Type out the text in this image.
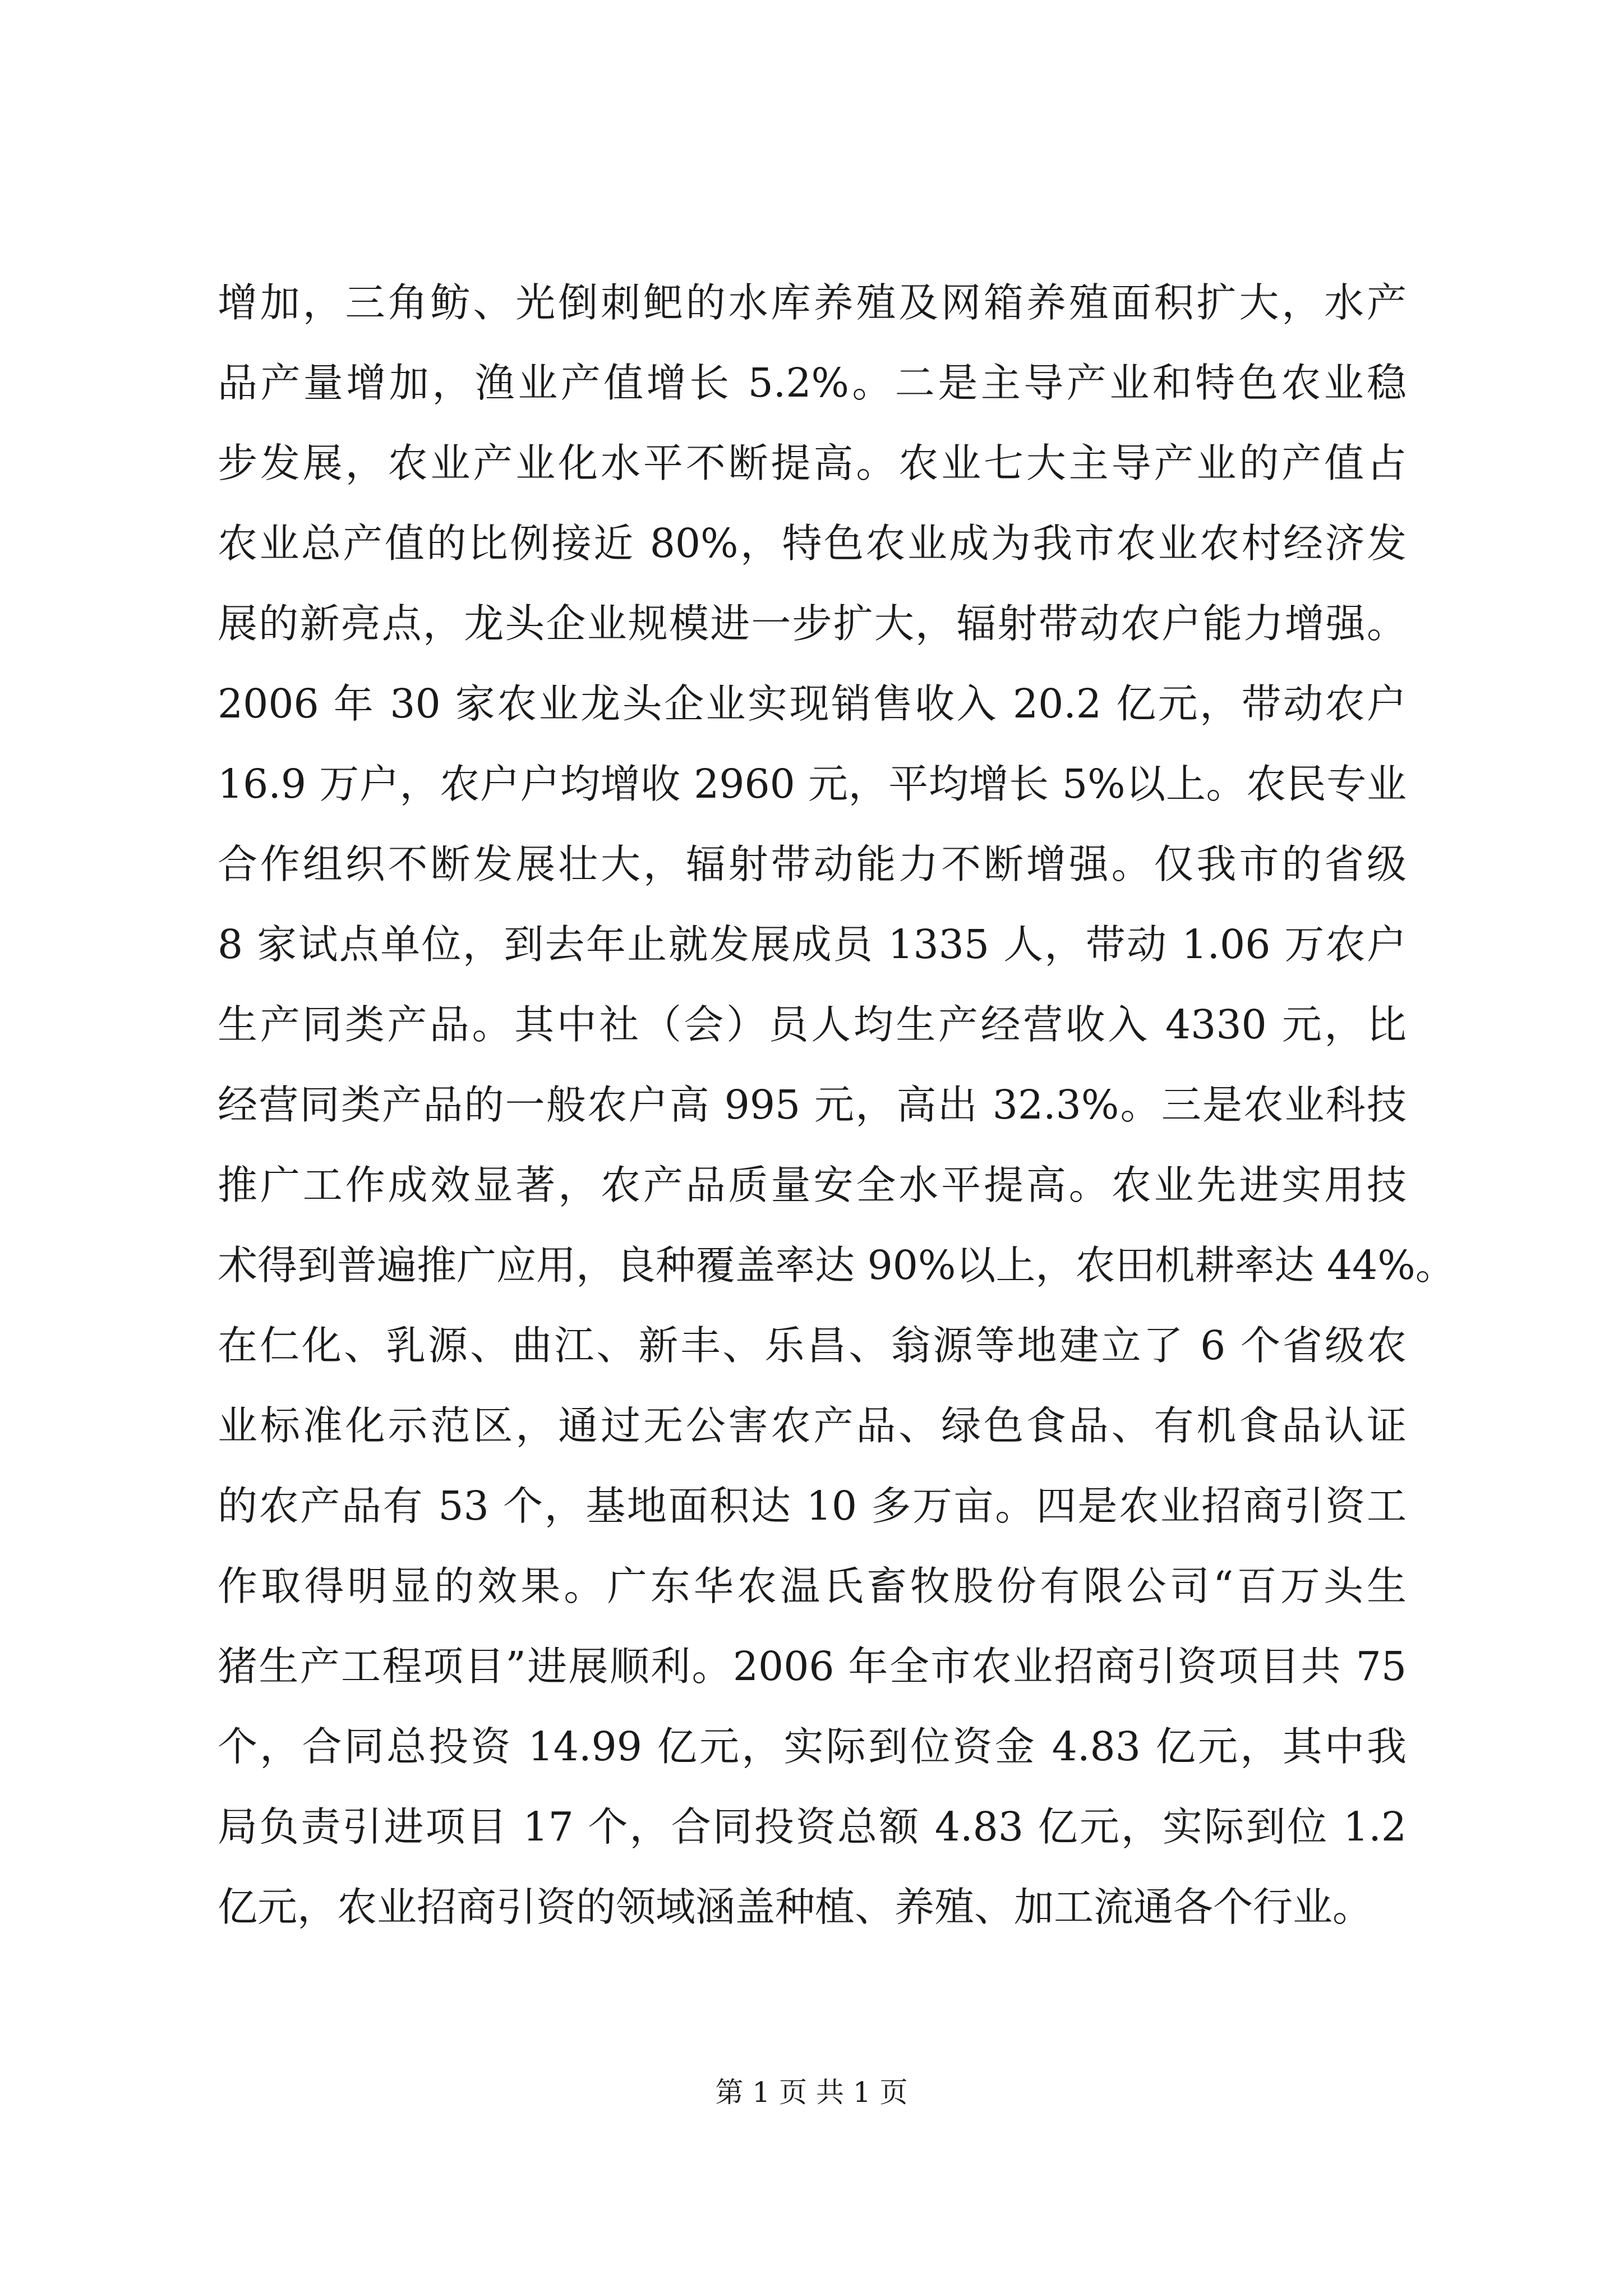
增加，三角鲂、光倒刺鲃的水库养殖及网箱养殖面积扩大，水产
品产量增加，渔业产值增长 5.2%。二是主导产业和特色农业稳
步发展，农业产业化水平不断提高。农业七大主导产业的产值占
农业总产值的比例接近 80%，特色农业成为我市农业农村经济发
展的新亮点，龙头企业规模进一步扩大，辐射带动农户能力增强。
2006 年 30 家农业龙头企业实现销售收入 20.2 亿元，带动农户
16.9 万户，农户户均增收 2960 元，平均增长 5%以上。农民专业
合作组织不断发展壮大，辐射带动能力不断增强。仅我市的省级
8 家试点单位，到去年止就发展成员 1335 人，带动 1.06 万农户
生产同类产品。其中社（会）员人均生产经营收入 4330 元，比
经营同类产品的一般农户高 995 元，高出 32.3%。三是农业科技
推广工作成效显著，农产品质量安全水平提高。农业先进实用技
术得到普遍推广应用，良种覆盖率达 90%以上，农田机耕率达 44%。
在仁化、乳源、曲江、新丰、乐昌、翁源等地建立了 6 个省级农
业标准化示范区，通过无公害农产品、绿色食品、有机食品认证
的农产品有 53 个，基地面积达 10 多万亩。四是农业招商引资工
作取得明显的效果。广东华农温氏畜牧股份有限公司“百万头生
猪生产工程项目”进展顺利。2006 年全市农业招商引资项目共 75
个，合同总投资 14.99 亿元，实际到位资金 4.83 亿元，其中我
局负责引进项目 17 个，合同投资总额 4.83 亿元，实际到位 1.2
亿元，农业招商引资的领域涵盖种植、养殖、加工流通各个行业。
第 1 页 共 1 页
